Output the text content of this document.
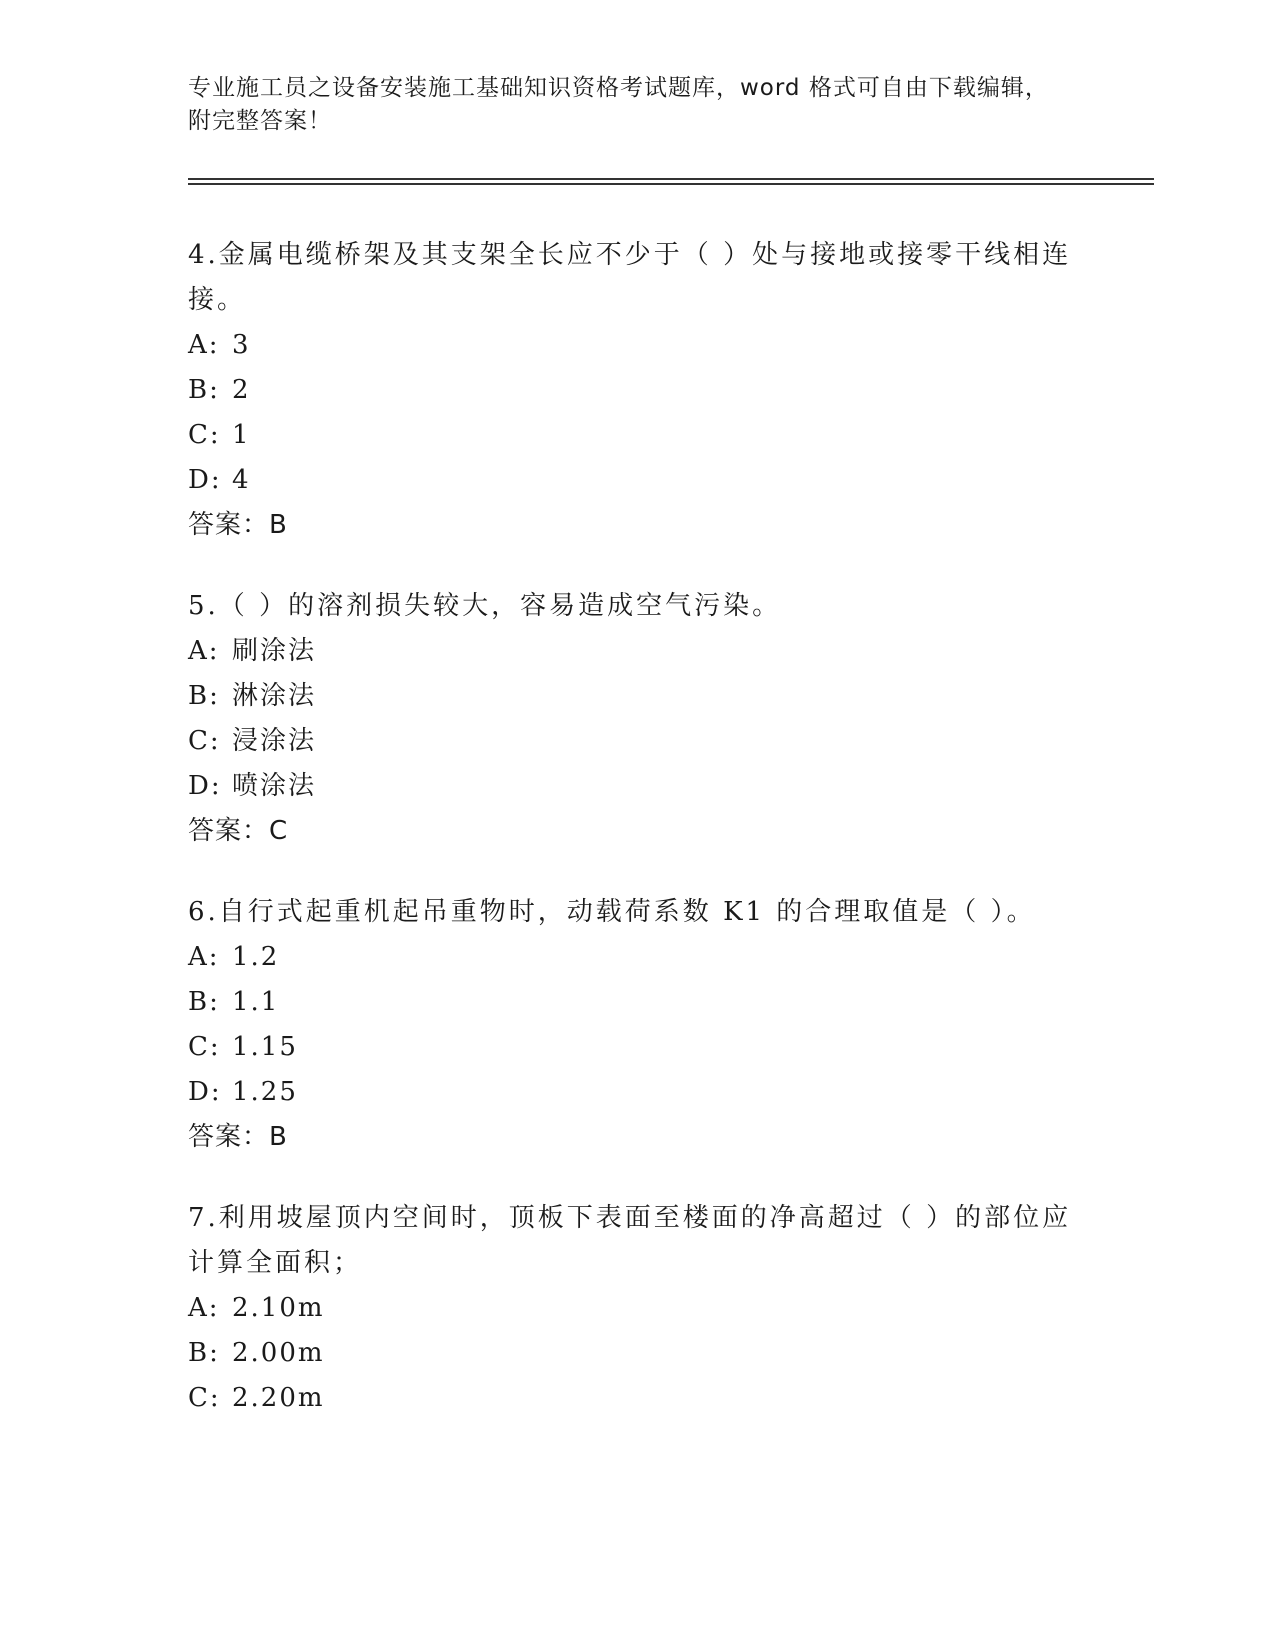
专业施工员之设备安装施工基础知识资格考试题库，word 格式可自由下载编辑，
附完整答案！
4.金属电缆桥架及其支架全长应不少于（ ）处与接地或接零干线相连
接。
A: 3
B: 2
C: 1
D: 4
答案：B
5.（ ）的溶剂损失较大，容易造成空气污染。
A: 刷涂法
B: 淋涂法
C: 浸涂法
D: 喷涂法
答案：C
6.自行式起重机起吊重物时，动载荷系数 K1 的合理取值是（ ）。
A: 1.2
B: 1.1
C: 1.15
D: 1.25
答案：B
7.利用坡屋顶内空间时，顶板下表面至楼面的净高超过（ ）的部位应
计算全面积；
A: 2.10m
B: 2.00m
C: 2.20m
